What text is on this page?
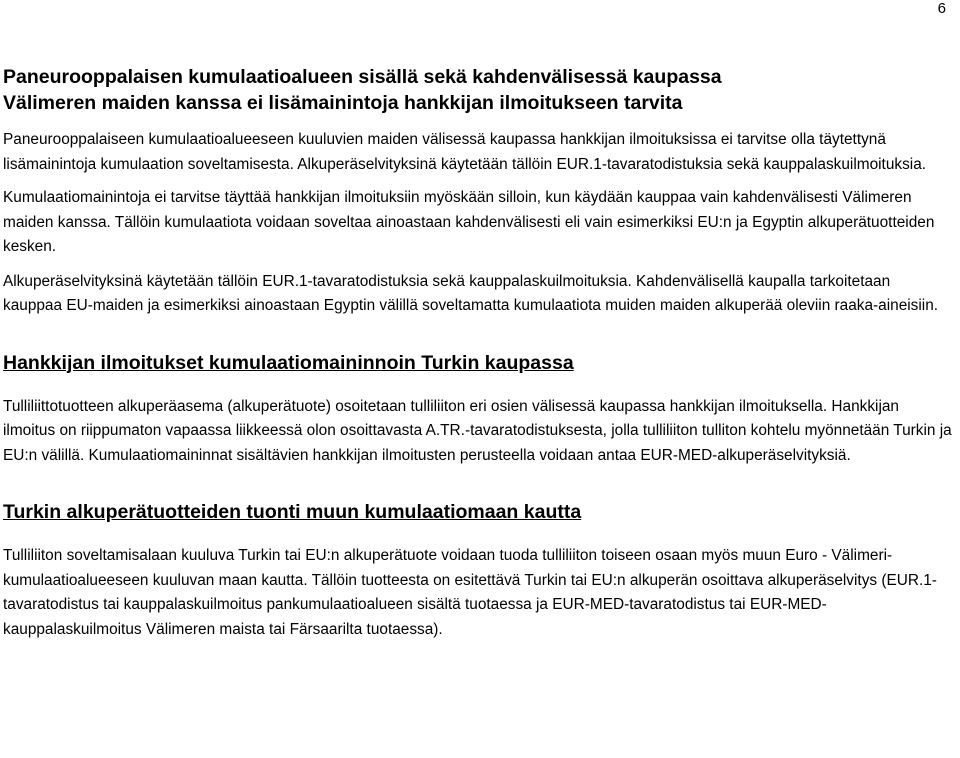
6
Paneurooppalaisen kumulaatioalueen sisällä sekä kahdenvälisessä kaupassa
Välimeren maiden kanssa ei lisämainintoja hankkijan ilmoitukseen tarvita

Paneurooppalaiseen kumulaatioalueeseen kuuluvien maiden välisessä kaupassa hankkijan ilmoituksissa ei tarvitse olla täytettynä lisämainintoja kumulaation soveltamisesta. Alkuperäselvityksinä käytetään tällöin EUR.1-tavaratodistuksia sekä kauppalaskuilmoituksia.

Kumulaatiomainintoja ei tarvitse täyttää hankkijan ilmoituksiin myöskään silloin, kun käydään kauppaa vain kahdenvälisesti Välimeren maiden kanssa. Tällöin kumulaatiota voidaan soveltaa ainoastaan kahdenvälisesti eli vain esimerkiksi EU:n ja Egyptin alkuperätuotteiden kesken.

Alkuperäselvityksinä käytetään tällöin EUR.1-tavaratodistuksia sekä kauppalaskuilmoituksia. Kahdenvälisellä kaupalla tarkoitetaan kauppaa EU-maiden ja esimerkiksi ainoastaan Egyptin välillä soveltamatta kumulaatiota muiden maiden alkuperää oleviin raaka-aineisiin.

Hankkijan ilmoitukset kumulaatiomaininnoin Turkin kaupassa

Tulliliittotuotteen alkuperäasema (alkuperätuote) osoitetaan tulliliiton eri osien välisessä kaupassa hankkijan ilmoituksella. Hankkijan ilmoitus on riippumaton vapaassa liikkeessä olon osoittavasta A.TR.-tavaratodistuksesta, jolla tulliliiton tulliton kohtelu myönnetään Turkin ja EU:n välillä. Kumulaatiomaininnat sisältävien hankkijan ilmoitusten perusteella voidaan antaa EUR-MED-alkuperäselvityksiä.

Turkin alkuperätuotteiden tuonti muun kumulaatiomaan kautta

Tulliliiton soveltamisalaan kuuluva Turkin tai EU:n alkuperätuote voidaan tuoda tulliliiton toiseen osaan myös muun Euro - Välimeri-kumulaatioalueeseen kuuluvan maan kautta. Tällöin tuotteesta on esitettävä Turkin tai EU:n alkuperän osoittava alkuperäselvitys (EUR.1- tavaratodistus tai kauppalaskuilmoitus pankumulaatioalueen sisältä tuotaessa ja EUR-MED-tavaratodistus tai EUR-MED-kauppalaskuilmoitus Välimeren maista tai Färsaarilta tuotaessa).
